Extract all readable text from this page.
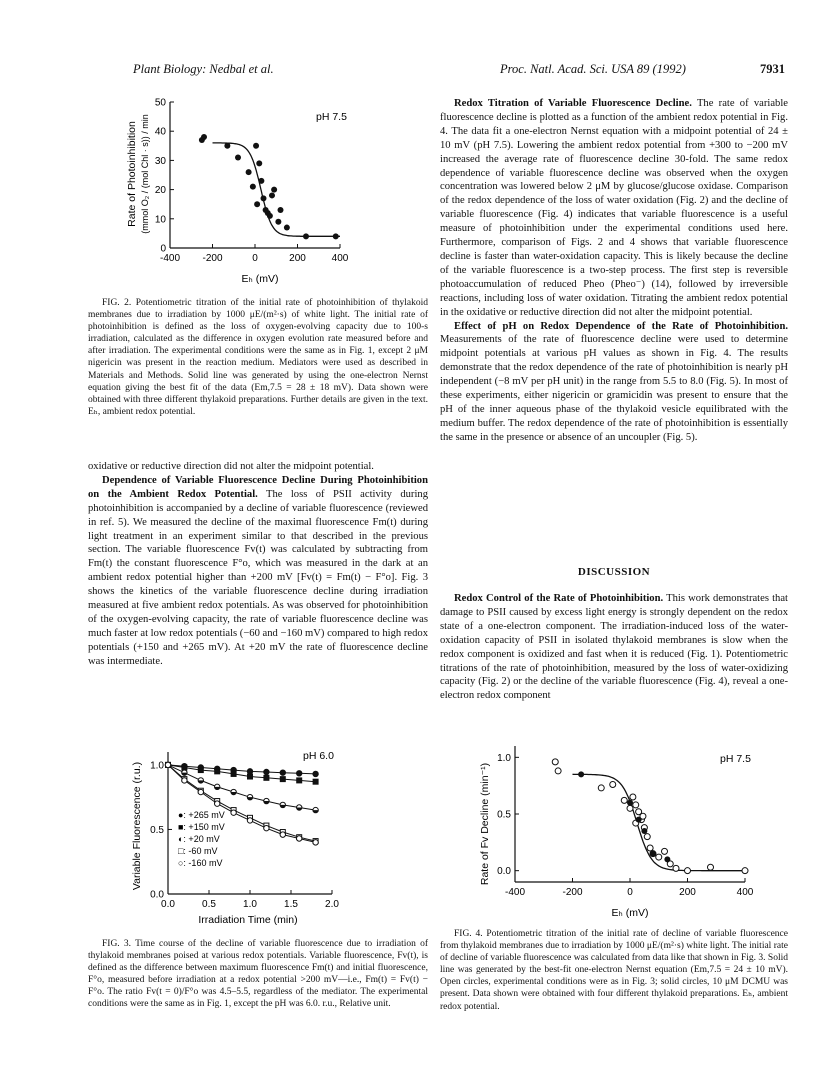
Plant Biology: Nedbal et al.	Proc. Natl. Acad. Sci. USA 89 (1992)	7931
-400 -200	0	200	400
0
10
20
30
40
50
Rate of Photoinhibition (mmol O₂ / (mol Chl · s)) / min	pH 7.5
Eₕ (mV)

FIG. 2. Potentiometric titration of the initial rate of photoinhibition of thylakoid membranes due to irradiation by 1000 μE/(m²·s) of white light. The initial rate of photoinhibition is defined as the loss of oxygen-evolving capacity due to 100-s irradiation, calculated as the difference in oxygen evolution rate measured before and after irradiation. The experimental conditions were the same as in Fig. 1, except 2 μM nigericin was present in the reaction medium. Mediators were used as described in Materials and Methods. Solid line was generated by using the one-electron Nernst equation giving the best fit of the data (Em,7.5 = 28 ± 18 mV). Data shown were obtained with three different thylakoid preparations. Further details are given in the text. Eₕ, ambient redox potential.

oxidative or reductive direction did not alter the midpoint potential.

Dependence of Variable Fluorescence Decline During Photoinhibition on the Ambient Redox Potential. The loss of PSII activity during photoinhibition is accompanied by a decline of variable fluorescence (reviewed in ref. 5). We measured the decline of the maximal fluorescence Fm(t) during light treatment in an experiment similar to that described in the previous section. The variable fluorescence Fv(t) was calculated by subtracting from Fm(t) the constant fluorescence F°o, which was measured in the dark at an ambient redox potential higher than +200 mV [Fv(t) = Fm(t) − F°o]. Fig. 3 shows the kinetics of the variable fluorescence decline during irradiation measured at five ambient redox potentials. As was observed for photoinhibition of the oxygen-evolving capacity, the rate of variable fluorescence decline was much faster at low redox potentials (−60 and −160 mV) compared to high redox potentials (+150 and +265 mV). At +20 mV the rate of fluorescence decline was intermediate.

0.0	0.5	1.0	1.5	2.0
0.0
0.5
1.0
Variable Fluorescence (r.u.)
pH 6.0
Irradiation Time (min)
●: +265 mV
■: +150 mV
◐: +20 mV
□: -60 mV
○: -160 mV

FIG. 3. Time course of the decline of variable fluorescence due to irradiation of thylakoid membranes poised at various redox potentials. Variable fluorescence, Fv(t), is defined as the difference between maximum fluorescence Fm(t) and initial fluorescence, F°o, measured before irradiation at a redox potential >200 mV—i.e., Fm(t) = Fv(t) − F°o. The ratio Fv(t = 0)/F°o was 4.5–5.5, regardless of the mediator. The experimental conditions were the same as in Fig. 1, except the pH was 6.0. r.u., Relative unit.

Redox Titration of Variable Fluorescence Decline. The rate of variable fluorescence decline is plotted as a function of the ambient redox potential in Fig. 4. The data fit a one-electron Nernst equation with a midpoint potential of 24 ± 10 mV (pH 7.5). Lowering the ambient redox potential from +300 to −200 mV increased the average rate of fluorescence decline 30-fold. The same redox dependence of variable fluorescence decline was observed when the oxygen concentration was lowered below 2 μM by glucose/glucose oxidase. Comparison of the redox dependence of the loss of water oxidation (Fig. 2) and the decline of variable fluorescence (Fig. 4) indicates that variable fluorescence is a useful measure of photoinhibition under the experimental conditions used here. Furthermore, comparison of Figs. 2 and 4 shows that variable fluorescence decline is faster than water-oxidation capacity. This is likely because the decline of the variable fluorescence is a two-step process. The first step is reversible photoaccumulation of reduced Pheo (Pheo⁻) (14), followed by irreversible reactions, including loss of water oxidation. Titrating the ambient redox potential in the oxidative or reductive direction did not alter the midpoint potential.

Effect of pH on Redox Dependence of the Rate of Photoinhibition. Measurements of the rate of fluorescence decline were used to determine midpoint potentials at various pH values as shown in Fig. 4. The results demonstrate that the redox dependence of the rate of photoinhibition is nearly pH independent (−8 mV per pH unit) in the range from 5.5 to 8.0 (Fig. 5). In most of these experiments, either nigericin or gramicidin was present to ensure that the pH of the inner aqueous phase of the thylakoid vesicle equilibrated with the medium buffer. The redox dependence of the rate of photoinhibition is essentially the same in the presence or absence of an uncoupler (Fig. 5).

DISCUSSION

Redox Control of the Rate of Photoinhibition. This work demonstrates that damage to PSII caused by excess light energy is strongly dependent on the redox state of a one-electron component. The irradiation-induced loss of the water-oxidation capacity of PSII in isolated thylakoid membranes is slow when the redox component is oxidized and fast when it is reduced (Fig. 1). Potentiometric titrations of the rate of photoinhibition, measured by the loss of water-oxidizing capacity (Fig. 2) or the decline of the variable fluorescence (Fig. 4), reveal a one-electron redox component

-400	-200	0	200	400
0.0
0.5
1.0
Rate of Fv Decline (min⁻¹)
pH 7.5
Eₕ (mV)

FIG. 4. Potentiometric titration of the initial rate of decline of variable fluorescence from thylakoid membranes due to irradiation by 1000 μE/(m²·s) white light. The initial rate of decline of variable fluorescence was calculated from data like that shown in Fig. 3. Solid line was generated by the best-fit one-electron Nernst equation (Em,7.5 = 24 ± 10 mV). Open circles, experimental conditions were as in Fig. 3; solid circles, 10 μM DCMU was present. Data shown were obtained with four different thylakoid preparations. Eₕ, ambient redox potential.
